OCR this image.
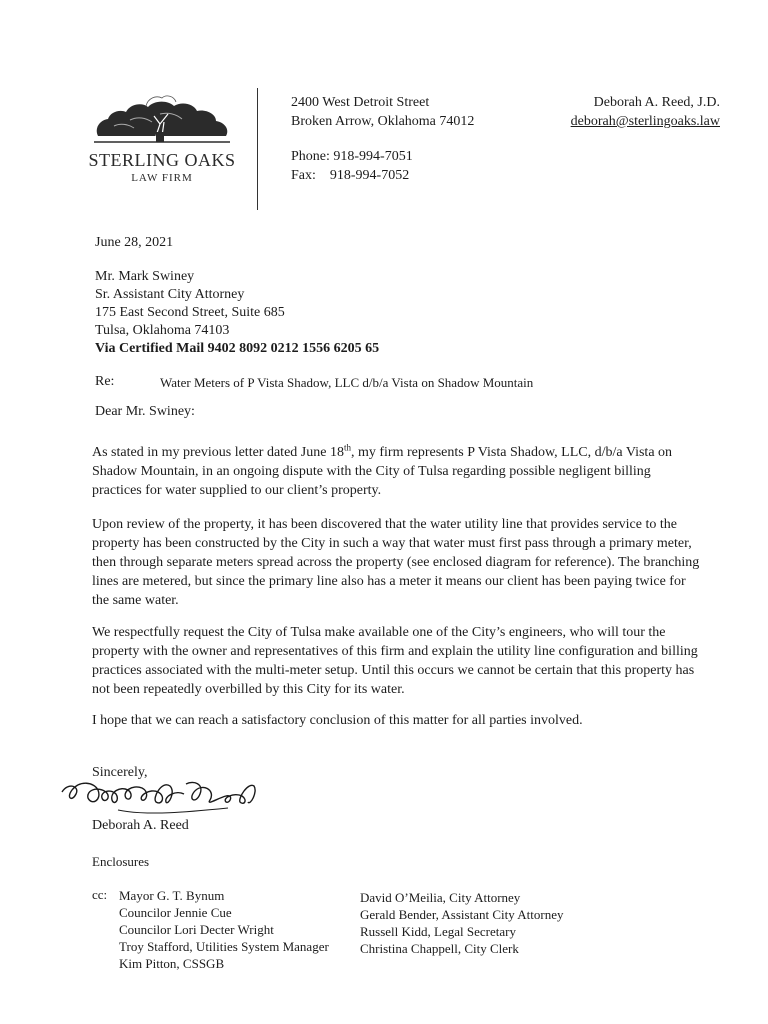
STERLING OAKS
LAW FIRM
2400 West Detroit Street
Broken Arrow, Oklahoma 74012
Phone: 918-994-7051
Fax:    918-994-7052
Deborah A. Reed, J.D.
deborah@sterlingoaks.law
June 28, 2021
Mr. Mark Swiney
Sr. Assistant City Attorney
175 East Second Street, Suite 685
Tulsa, Oklahoma 74103
Via Certified Mail 9402 8092 0212 1556 6205 65
Re:	Water Meters of P Vista Shadow, LLC d/b/a Vista on Shadow Mountain
Dear Mr. Swiney:
As stated in my previous letter dated June 18th, my firm represents P Vista Shadow, LLC, d/b/a Vista on Shadow Mountain, in an ongoing dispute with the City of Tulsa regarding possible negligent billing practices for water supplied to our client’s property.
Upon review of the property, it has been discovered that the water utility line that provides service to the property has been constructed by the City in such a way that water must first pass through a primary meter, then through separate meters spread across the property (see enclosed diagram for reference). The branching lines are metered, but since the primary line also has a meter it means our client has been paying twice for the same water.
We respectfully request the City of Tulsa make available one of the City’s engineers, who will tour the property with the owner and representatives of this firm and explain the utility line configuration and billing practices associated with the multi-meter setup. Until this occurs we cannot be certain that this property has not been repeatedly overbilled by this City for its water.
I hope that we can reach a satisfactory conclusion of this matter for all parties involved.
Sincerely,
Deborah A. Reed
Enclosures
cc: Mayor G. T. Bynum
Councilor Jennie Cue
Councilor Lori Decter Wright
Troy Stafford, Utilities System Manager
Kim Pitton, CSSGB
David O’Meilia, City Attorney
Gerald Bender, Assistant City Attorney
Russell Kidd, Legal Secretary
Christina Chappell, City Clerk
